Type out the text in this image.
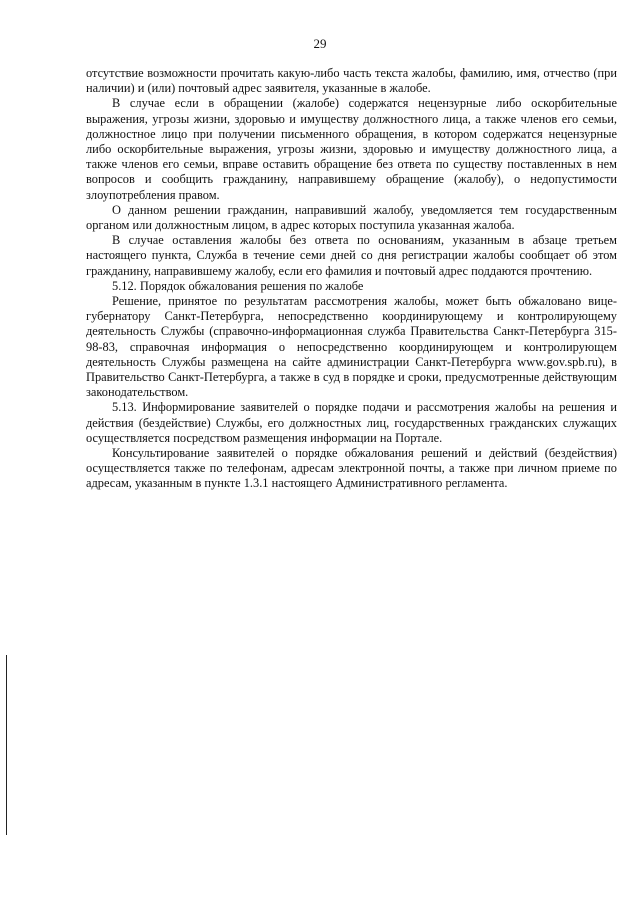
29

отсутствие возможности прочитать какую-либо часть текста жалобы, фамилию, имя, отчество (при наличии) и (или) почтовый адрес заявителя, указанные в жалобе.

В случае если в обращении (жалобе) содержатся нецензурные либо оскорбительные выражения, угрозы жизни, здоровью и имуществу должностного лица, а также членов его семьи, должностное лицо при получении письменного обращения, в котором содержатся нецензурные либо оскорбительные выражения, угрозы жизни, здоровью и имуществу должностного лица, а также членов его семьи, вправе оставить обращение без ответа по существу поставленных в нем вопросов и сообщить гражданину, направившему обращение (жалобу), о недопустимости злоупотребления правом.

О данном решении гражданин, направивший жалобу, уведомляется тем государственным органом или должностным лицом, в адрес которых поступила указанная жалоба.

В случае оставления жалобы без ответа по основаниям, указанным в абзаце третьем настоящего пункта, Служба в течение семи дней со дня регистрации жалобы сообщает об этом гражданину, направившему жалобу, если его фамилия и почтовый адрес поддаются прочтению.

5.12. Порядок обжалования решения по жалобе

Решение, принятое по результатам рассмотрения жалобы, может быть обжаловано вице-губернатору Санкт-Петербурга, непосредственно координирующему и контролирующему деятельность Службы (справочно-информационная служба Правительства Санкт-Петербурга 315-98-83, справочная информация о непосредственно координирующем и контролирующем деятельность Службы размещена на сайте администрации Санкт-Петербурга www.gov.spb.ru), в Правительство Санкт-Петербурга, а также в суд в порядке и сроки, предусмотренные действующим законодательством.

5.13. Информирование заявителей о порядке подачи и рассмотрения жалобы на решения и действия (бездействие) Службы, его должностных лиц, государственных гражданских служащих осуществляется посредством размещения информации на Портале.

Консультирование заявителей о порядке обжалования решений и действий (бездействия) осуществляется также по телефонам, адресам электронной почты, а также при личном приеме по адресам, указанным в пункте 1.3.1 настоящего Административного регламента.
